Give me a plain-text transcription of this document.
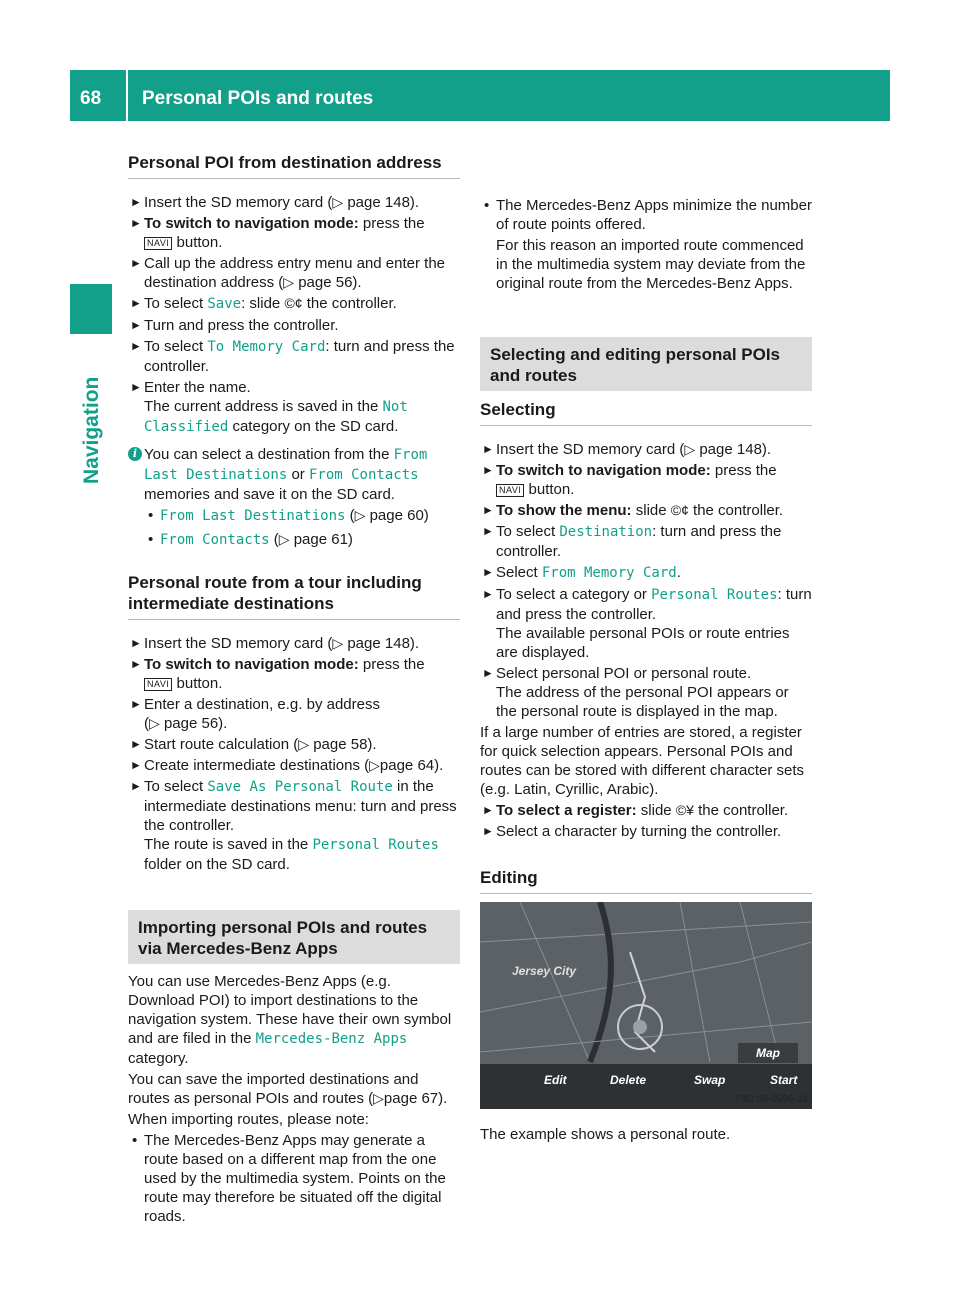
68 Personal POIs and routes
Navigation
Personal POI from destination address

► Insert the SD memory card (▷ page 148).

► To switch to navigation mode: press the
NAVI button.

► Call up the address entry menu and enter the destination address (▷ page 56).

► To select Save: slide ©¢ the controller.

► Turn and press the controller.

► To select To Memory Card: turn and press the controller.

► Enter the name.
The current address is saved in the Not Classified category on the SD card.

i You can select a destination from the From Last Destinations or From Contacts memories and save it on the SD card.

• From Last Destinations (▷ page 60)

• From Contacts (▷ page 61)

Personal route from a tour including intermediate destinations

► Insert the SD memory card (▷ page 148).

► To switch to navigation mode: press the
NAVI button.

► Enter a destination, e.g. by address
(▷ page 56).

► Start route calculation (▷ page 58).

► Create intermediate destinations (▷page 64).

► To select Save As Personal Route in the intermediate destinations menu: turn and press the controller.
The route is saved in the Personal Routes folder on the SD card.

Importing personal POIs and routes via Mercedes-Benz Apps

You can use Mercedes-Benz Apps (e.g. Download POI) to import destinations to the navigation system. These have their own symbol and are filed in the Mercedes-Benz Apps category.

You can save the imported destinations and routes as personal POIs and routes (▷page 67).

When importing routes, please note:

• The Mercedes-Benz Apps may generate a route based on a different map from the one used by the multimedia system. Points on the route may therefore be situated off the digital roads.

• The Mercedes-Benz Apps minimize the number of route points offered.

For this reason an imported route commenced in the multimedia system may deviate from the original route from the Mercedes-Benz Apps.

Selecting and editing personal POIs and routes
Selecting

► Insert the SD memory card (▷ page 148).

► To switch to navigation mode: press the
NAVI button.

► To show the menu: slide ©¢ the controller.

► To select Destination: turn and press the controller.

► Select From Memory Card.

► To select a category or Personal Routes: turn and press the controller.
The available personal POIs or route entries are displayed.

► Select personal POI or personal route.
The address of the personal POI appears or the personal route is displayed in the map.

If a large number of entries are stored, a register for quick selection appears. Personal POIs and routes can be stored with different character sets (e.g. Latin, Cyrillic, Arabic).

► To select a register: slide ©¥ the controller.

► Select a character by turning the controller.

Editing
Jersey City
Map
Edit	Delete	Swap	Start
P82.89-0996-31

The example shows a personal route.
